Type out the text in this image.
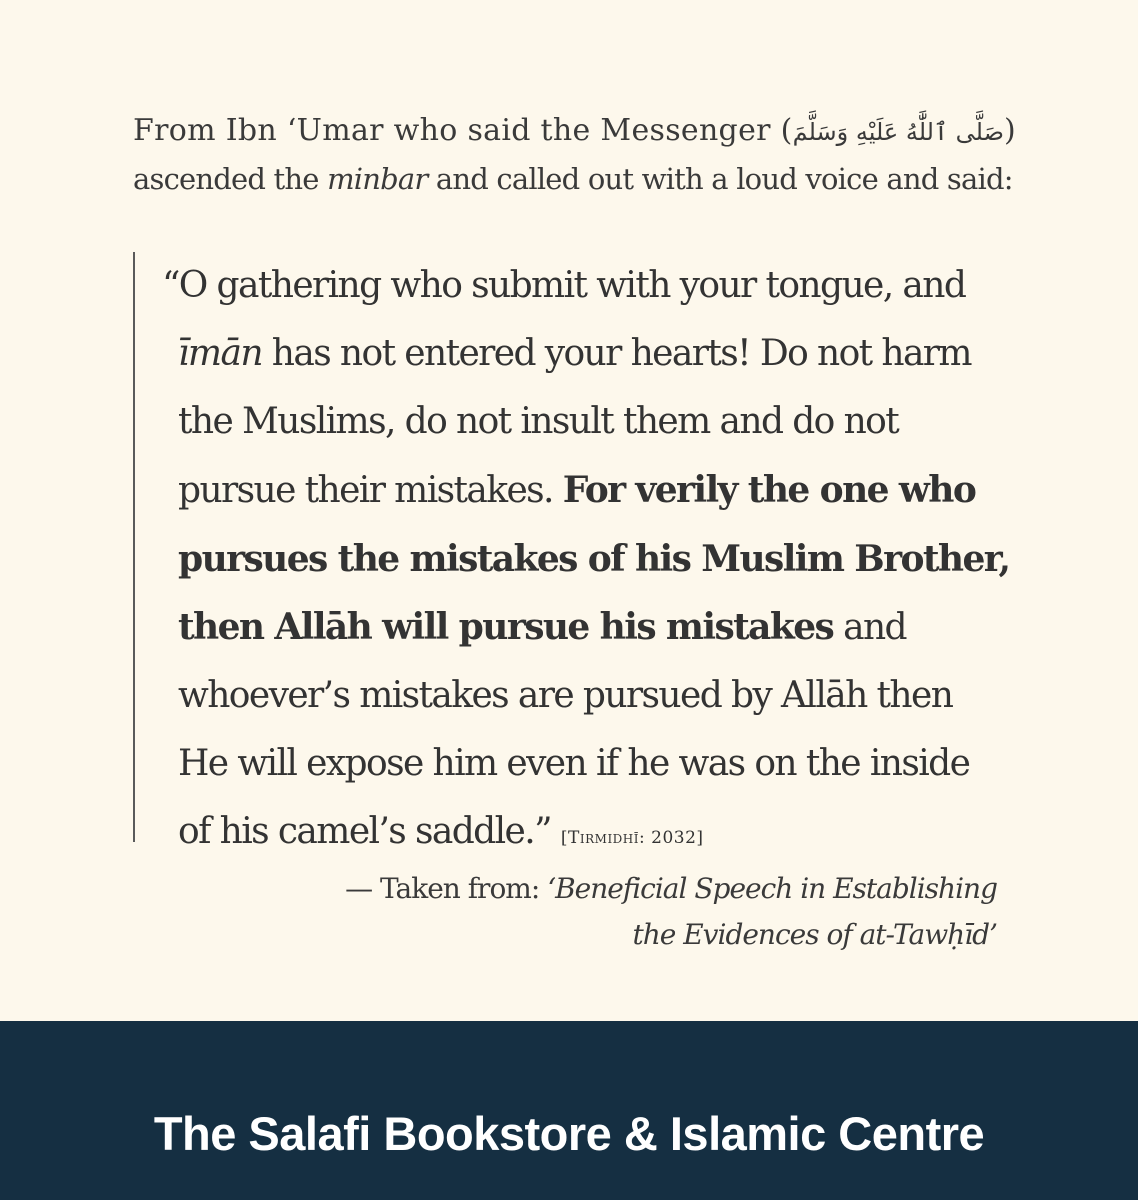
From Ibn ‘Umar who said the Messenger (صَلَّى ٱللَّٰهُ عَلَيْهِ وَسَلَّمَ)
ascended the minbar and called out with a loud voice and said:
“O gathering who submit with your tongue, and
īmān has not entered your hearts! Do not harm
the Muslims, do not insult them and do not
pursue their mistakes. For verily the one who
pursues the mistakes of his Muslim Brother,
then Allāh will pursue his mistakes and
whoever’s mistakes are pursued by Allāh then
He will expose him even if he was on the inside
of his camel’s saddle.” [Tirmidhī: 2032]
— Taken from: ‘Beneficial Speech in Establishing
the Evidences of at-Tawḥīd’
The Salafi Bookstore & Islamic Centre
